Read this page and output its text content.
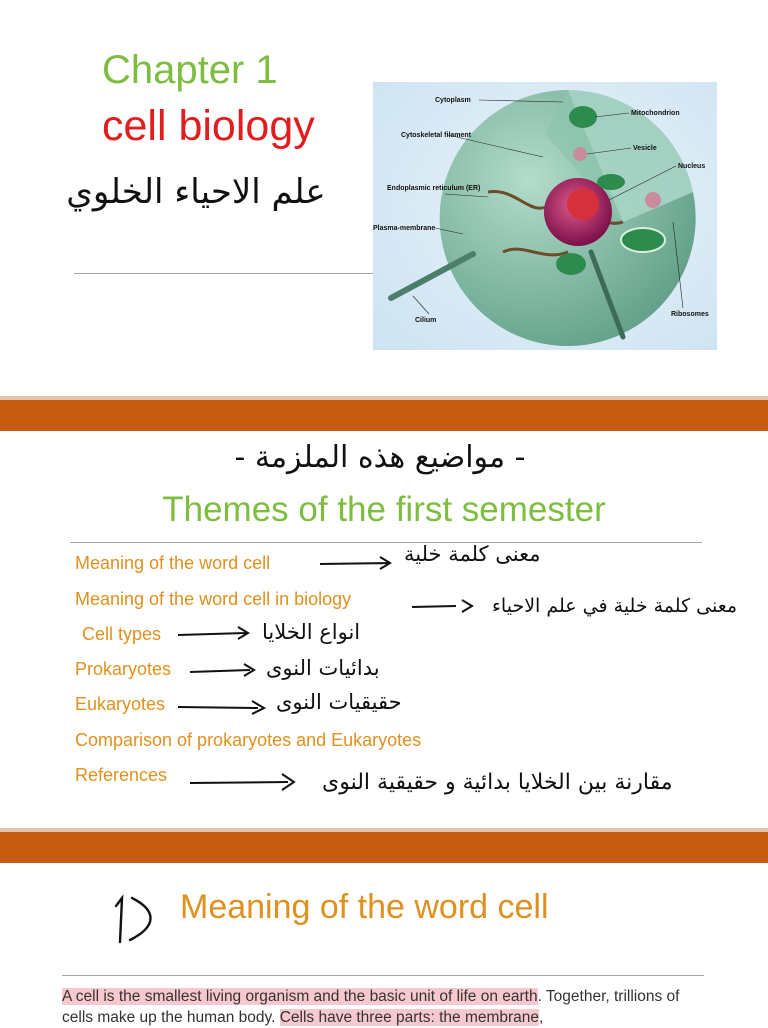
Chapter 1
cell biology
علم الاحياء الخلوي
Cytoplasm
Mitochondrion
Cytoskeletal filament
Vesicle
Nucleus
Endoplasmic reticulum (ER)
Plasma-membrane
Cilium
Ribosomes
- مواضيع هذه الملزمة -
Themes of the first semester
Meaning of the word cell	معنى كلمة خلية
Meaning of the word cell in biology	معنى كلمة خلية في علم الاحياء
Cell types	انواع الخلايا
Prokaryotes	بدائيات النوى
Eukaryotes	حقيقيات النوى
Comparison of prokaryotes and Eukaryotes
References	مقارنة بين الخلايا بدائية و حقيقية النوى
1 Meaning of the word cell
A cell is the smallest living organism and the basic unit of life on earth. Together, trillions of cells make up the human body. Cells have three parts: the membrane,
